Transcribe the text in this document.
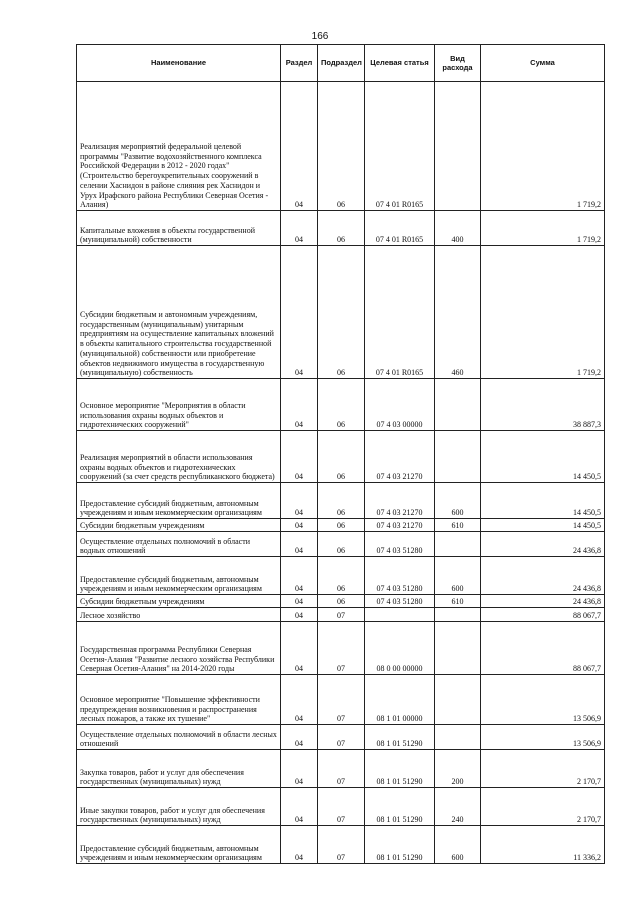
166
Наименование	Раздел	Подраздел	Целевая статья	Вид расхода	Сумма

Реализация мероприятий федеральной целевой программы "Развитие водохозяйственного комплекса Российской Федерации в 2012 - 2020 годах" (Строительство берегоукрепительных сооружений в селении Хаснидон в районе слияния рек Хаснидон и Урух Ирафского района Республики Северная Осетия - Алания)	04	06	07 4 01 R0165		1 719,2

Капитальные вложения в объекты государственной (муниципальной) собственности	04	06	07 4 01 R0165	400	1 719,2

Субсидии бюджетным и автономным учреждениям, государственным (муниципальным) унитарным предприятиям на осуществление капитальных вложений в объекты капитального строительства государственной (муниципальной) собственности или приобретение объектов недвижимого имущества в государственную (муниципальную) собственность	04	06	07 4 01 R0165	460	1 719,2

Основное мероприятие "Мероприятия в области использования охраны водных объектов и гидротехнических сооружений"	04	06	07 4 03 00000		38 887,3

Реализация мероприятий в области использования охраны водных объектов и гидротехнических сооружений (за счет средств республиканского бюджета)	04	06	07 4 03 21270		14 450,5

Предоставление субсидий бюджетным, автономным учреждениям и иным некоммерческим организациям	04	06	07 4 03 21270	600	14 450,5

Субсидии бюджетным учреждениям	04	06	07 4 03 21270	610	14 450,5

Осуществление отдельных полномочий в области водных отношений	04	06	07 4 03 51280		24 436,8

Предоставление субсидий бюджетным, автономным учреждениям и иным некоммерческим организациям	04	06	07 4 03 51280	600	24 436,8

Субсидии бюджетным учреждениям	04	06	07 4 03 51280	610	24 436,8

Лесное хозяйство	04	07			88 067,7

Государственная программа Республики Северная Осетия-Алания "Развитие лесного хозяйства Республики Северная Осетия-Алания" на 2014-2020 годы	04	07	08 0 00 00000		88 067,7

Основное мероприятие "Повышение эффективности предупреждения возникновения и распространения лесных пожаров, а также их тушение"	04	07	08 1 01 00000		13 506,9

Осуществление отдельных полномочий в области лесных отношений	04	07	08 1 01 51290		13 506,9

Закупка товаров, работ и услуг для обеспечения государственных (муниципальных) нужд	04	07	08 1 01 51290	200	2 170,7

Иные закупки товаров, работ и услуг для обеспечения государственных (муниципальных) нужд	04	07	08 1 01 51290	240	2 170,7

Предоставление субсидий бюджетным, автономным учреждениям и иным некоммерческим организациям	04	07	08 1 01 51290	600	11 336,2
